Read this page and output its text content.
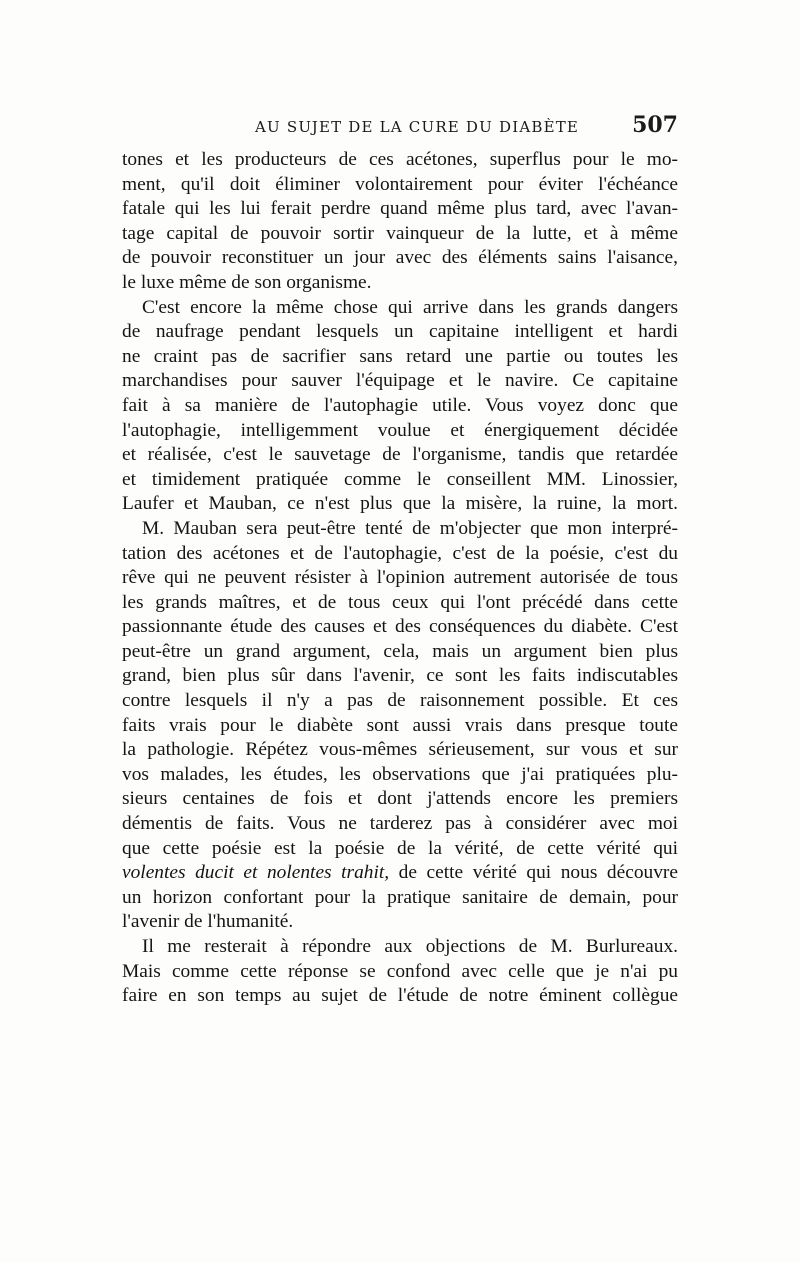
AU SUJET DE LA CURE DU DIABÈTE 507
tones et les producteurs de ces acétones, superflus pour le mo-
ment, qu'il doit éliminer volontairement pour éviter l'échéance
fatale qui les lui ferait perdre quand même plus tard, avec l'avan-
tage capital de pouvoir sortir vainqueur de la lutte, et à même
de pouvoir reconstituer un jour avec des éléments sains l'aisance,
le luxe même de son organisme.
C'est encore la même chose qui arrive dans les grands dangers
de naufrage pendant lesquels un capitaine intelligent et hardi
ne craint pas de sacrifier sans retard une partie ou toutes les
marchandises pour sauver l'équipage et le navire. Ce capitaine
fait à sa manière de l'autophagie utile. Vous voyez donc que
l'autophagie, intelligemment voulue et énergiquement décidée
et réalisée, c'est le sauvetage de l'organisme, tandis que retardée
et timidement pratiquée comme le conseillent MM. Linossier,
Laufer et Mauban, ce n'est plus que la misère, la ruine, la mort.
M. Mauban sera peut-être tenté de m'objecter que mon interpré-
tation des acétones et de l'autophagie, c'est de la poésie, c'est du
rêve qui ne peuvent résister à l'opinion autrement autorisée de tous
les grands maîtres, et de tous ceux qui l'ont précédé dans cette
passionnante étude des causes et des conséquences du diabète. C'est
peut-être un grand argument, cela, mais un argument bien plus
grand, bien plus sûr dans l'avenir, ce sont les faits indiscutables
contre lesquels il n'y a pas de raisonnement possible. Et ces
faits vrais pour le diabète sont aussi vrais dans presque toute
la pathologie. Répétez vous-mêmes sérieusement, sur vous et sur
vos malades, les études, les observations que j'ai pratiquées plu-
sieurs centaines de fois et dont j'attends encore les premiers
démentis de faits. Vous ne tarderez pas à considérer avec moi
que cette poésie est la poésie de la vérité, de cette vérité qui
volentes ducit et nolentes trahit, de cette vérité qui nous découvre
un horizon confortant pour la pratique sanitaire de demain, pour
l'avenir de l'humanité.
Il me resterait à répondre aux objections de M. Burlureaux.
Mais comme cette réponse se confond avec celle que je n'ai pu
faire en son temps au sujet de l'étude de notre éminent collègue
